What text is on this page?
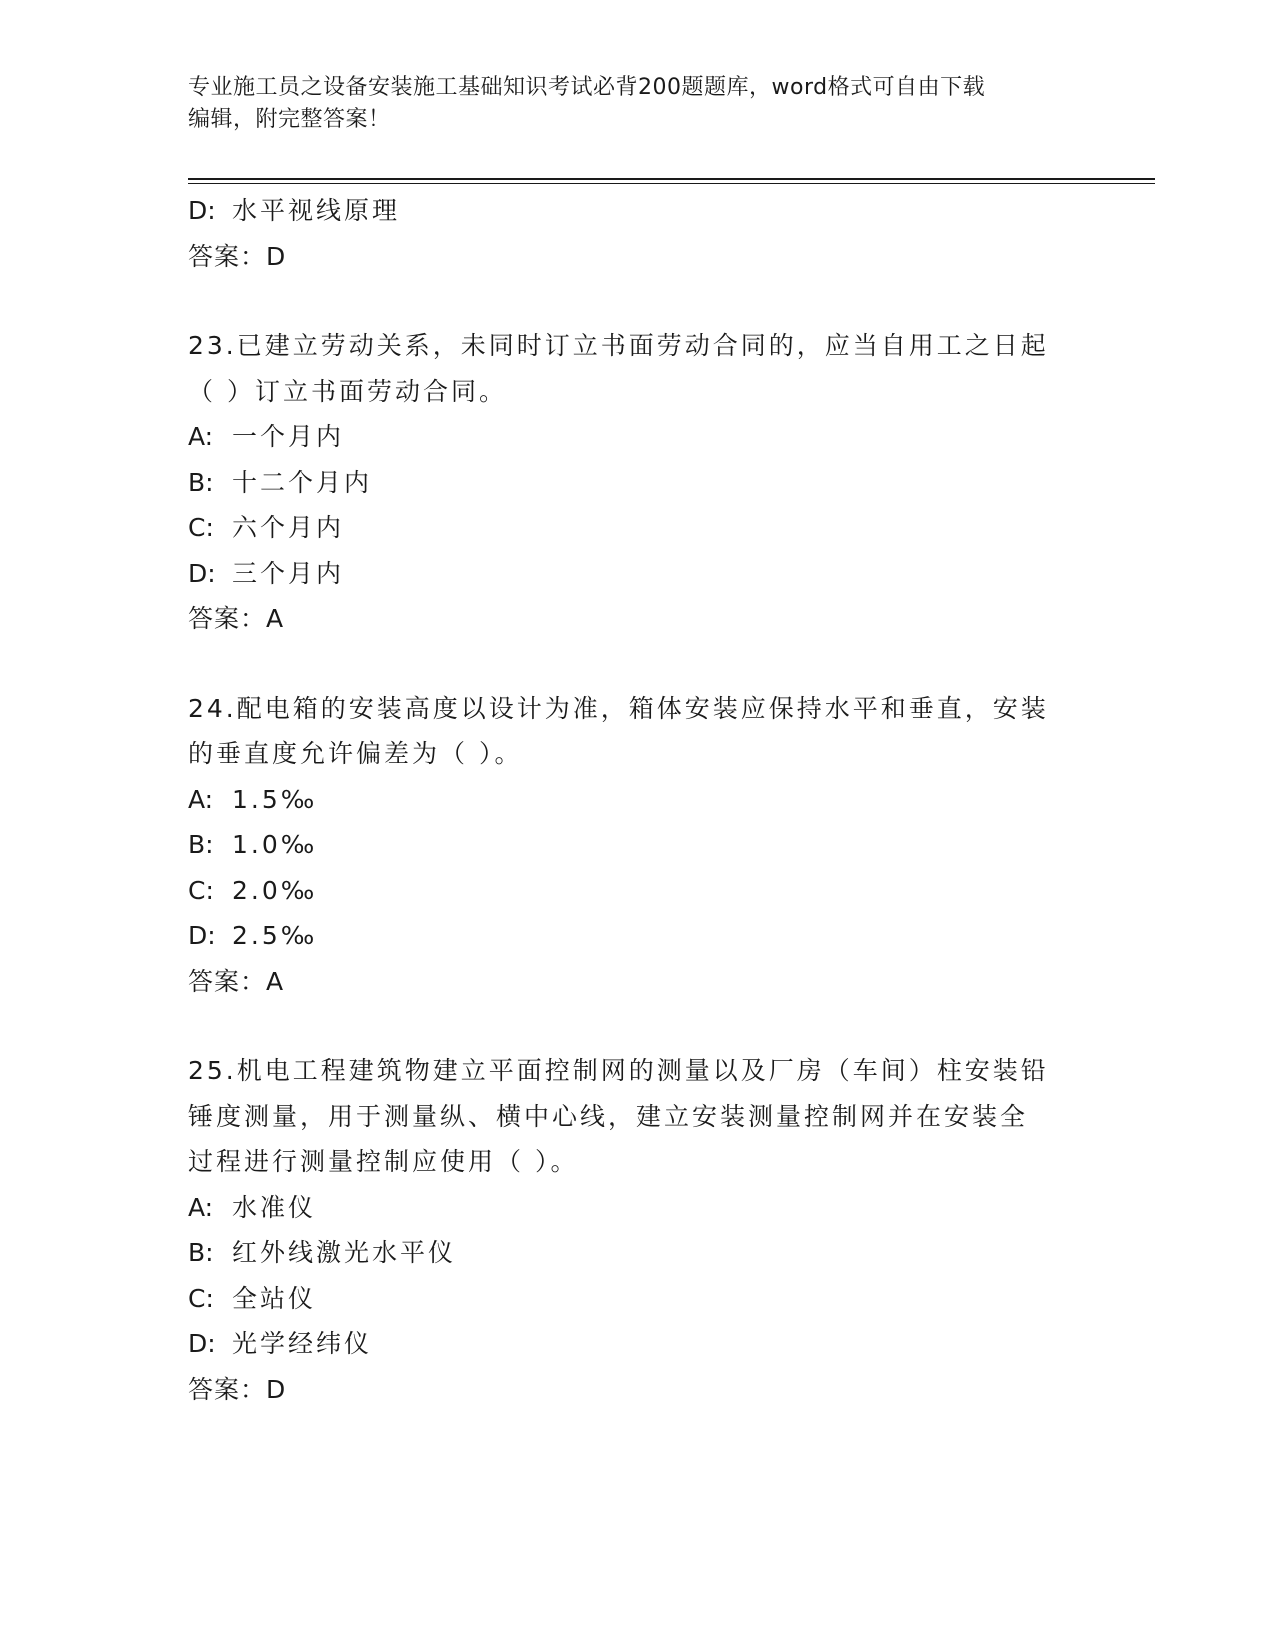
专业施工员之设备安装施工基础知识考试必背200题题库，word格式可自由下载
编辑，附完整答案！
D: 水平视线原理
答案：D
23.已建立劳动关系，未同时订立书面劳动合同的，应当自用工之日起
（ ）订立书面劳动合同。
A: 一个月内
B: 十二个月内
C: 六个月内
D: 三个月内
答案：A
24.配电箱的安装高度以设计为准，箱体安装应保持水平和垂直，安装
的垂直度允许偏差为（ ）。
A: 1.5‰
B: 1.0‰
C: 2.0‰
D: 2.5‰
答案：A
25.机电工程建筑物建立平面控制网的测量以及厂房（车间）柱安装铅
锤度测量，用于测量纵、横中心线，建立安装测量控制网并在安装全
过程进行测量控制应使用（ ）。
A: 水准仪
B: 红外线激光水平仪
C: 全站仪
D: 光学经纬仪
答案：D
